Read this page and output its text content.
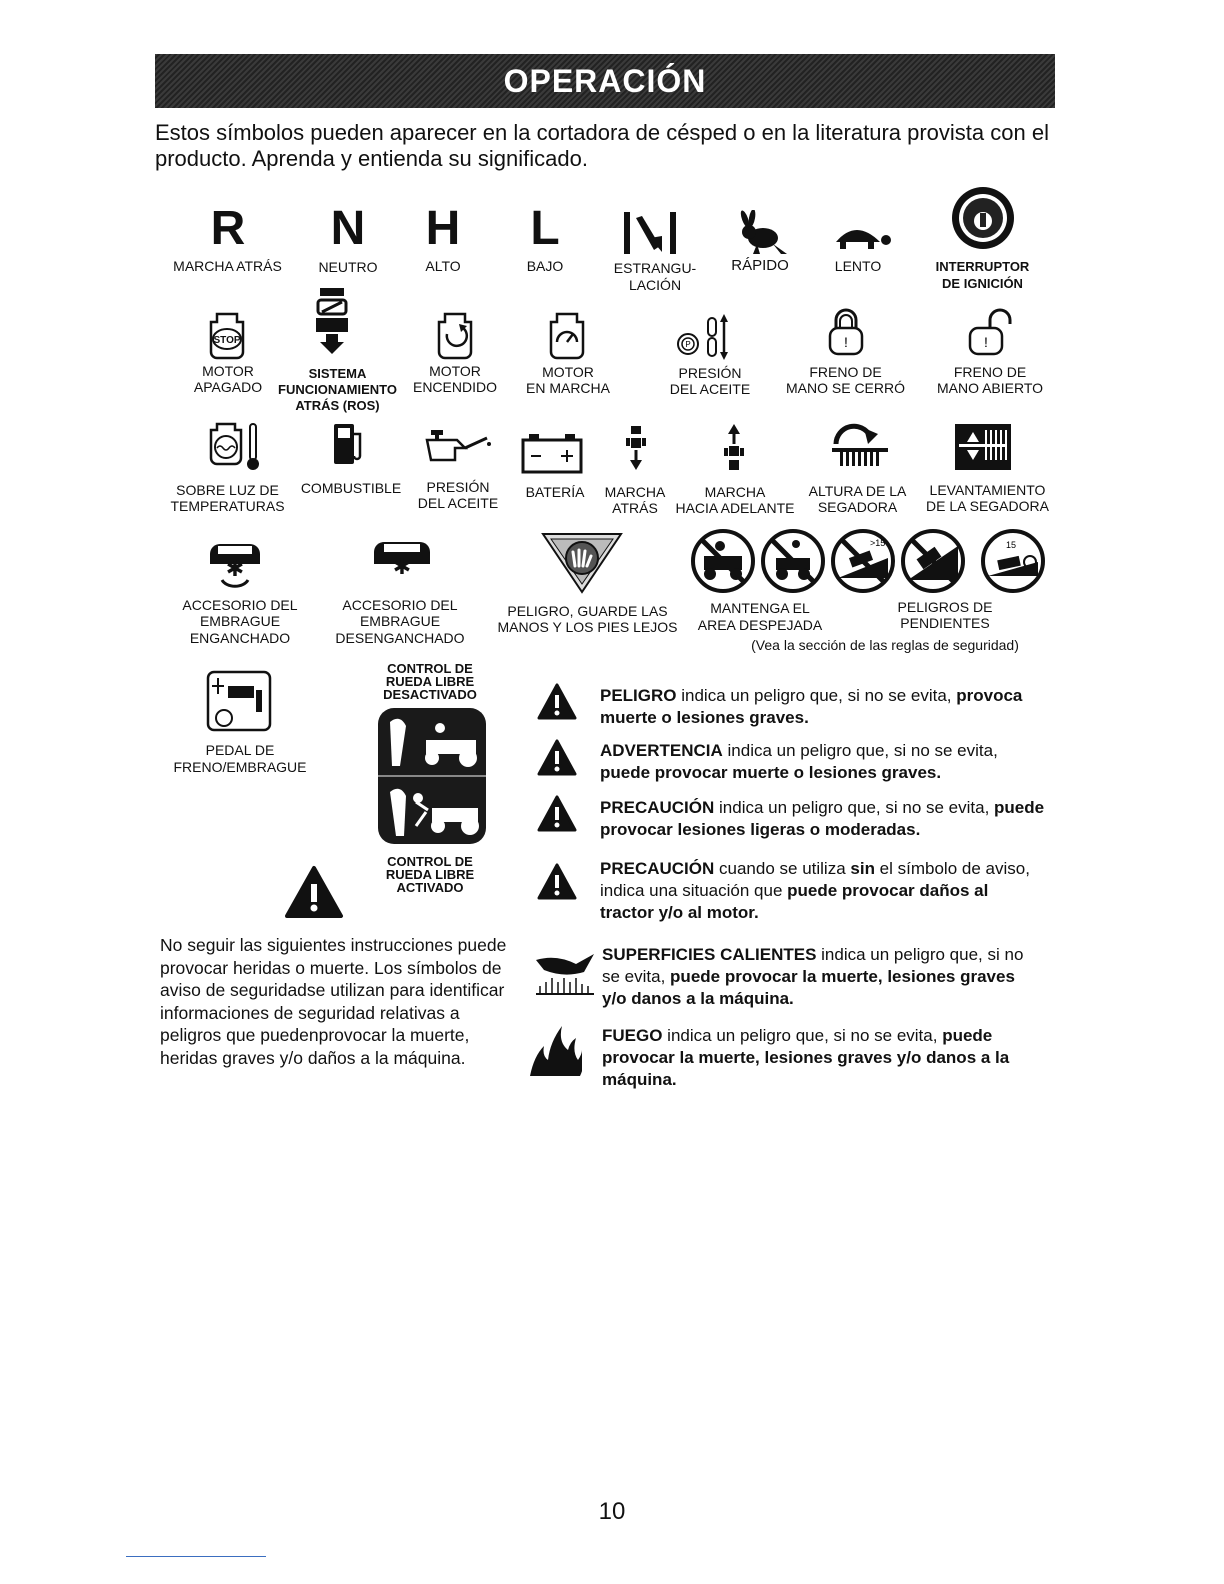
OPERACIÓN
Estos símbolos pueden aparecer en la cortadora de césped o en la literatura provista con el producto. Aprenda y entienda su significado.
R N H	L
MARCHA ATRÁS	NEUTRO	ALTO	BAJO	ESTRANGU-
LACIÓN
RÁPIDO	LENTO	INTERRUPTOR
DE IGNICIÓN
STOP	P	!	!
MOTOR
APAGADO
SISTEMA
FUNCIONAMIENTO
ATRÁS (ROS)
MOTOR
ENCENDIDO
MOTOR
EN MARCHA
PRESIÓN
DEL ACEITE
FRENO DE
MANO SE CERRÓ
FRENO DE
MANO ABIERTO
SOBRE LUZ DE
TEMPERATURAS
COMBUSTIBLE	PRESIÓN
DEL ACEITE
BATERÍA	MARCHA
ATRÁS
MARCHA
HACIA ADELANTE
ALTURA DE LA
SEGADORA
LEVANTAMIENTO
DE LA SEGADORA
✱	✱
>15	15
ACCESORIO DEL
EMBRAGUE
ENGANCHADO
ACCESORIO DEL
EMBRAGUE
DESENGANCHADO
PELIGRO, GUARDE LAS
MANOS Y LOS PIES LEJOS
MANTENGA EL
AREA DESPEJADA
PELIGROS DE
PENDIENTES
(Vea la sección de las reglas de seguridad)
PEDAL DE
FRENO/EMBRAGUE
CONTROL DE
RUEDA LIBRE
DESACTIVADO
CONTROL DE
RUEDA LIBRE
ACTIVADO
No seguir las siguientes instrucciones puede provocar heridas o muerte. Los símbolos de aviso de seguridadse utilizan para identificar informaciones de seguridad relativas a peligros que puedenprovocar la muerte, heridas graves y/o daños a la máquina.
PELIGRO indica un peligro que, si no se evita, provoca muerte o lesiones graves.
ADVERTENCIA indica un peligro que, si no se evita, puede provocar muerte o lesiones graves.
PRECAUCIÓN indica un peligro que, si no se evita, puede provocar lesiones ligeras o moderadas.
PRECAUCIÓN cuando se utiliza sin el símbolo de aviso, indica una situación que puede provocar daños al tractor y/o al motor.
SUPERFICIES CALIENTES indica un peligro que, si no se evita, puede provocar la muerte, lesiones graves y/o danos a la máquina.
FUEGO indica un peligro que, si no se evita, puede provocar la muerte, lesiones graves y/o danos a la máquina.
10
